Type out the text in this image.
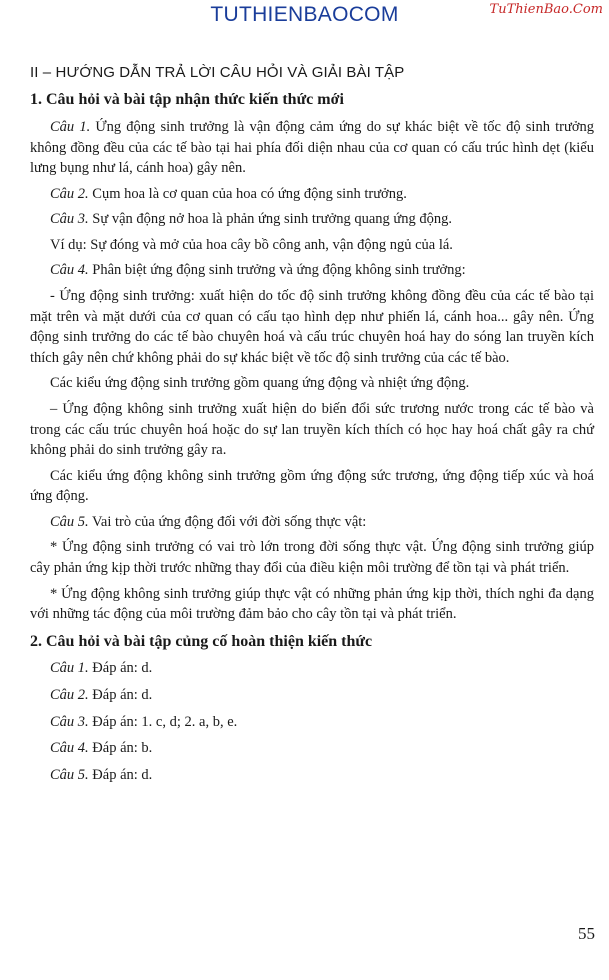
TUTHIENBAOCOM	TuThienBao.Com
II – HƯỚNG DẪN TRẢ LỜI CÂU HỎI VÀ GIẢI BÀI TẬP
1. Câu hỏi và bài tập nhận thức kiến thức mới

Câu 1. Ứng động sinh trưởng là vận động cảm ứng do sự khác biệt về tốc độ sinh trưởng không đồng đều của các tế bào tại hai phía đối diện nhau của cơ quan có cấu trúc hình dẹt (kiểu lưng bụng như lá, cánh hoa) gây nên.

Câu 2. Cụm hoa là cơ quan của hoa có ứng động sinh trưởng.

Câu 3. Sự vận động nở hoa là phản ứng sinh trưởng quang ứng động.

Ví dụ: Sự đóng và mở của hoa cây bồ công anh, vận động ngủ của lá.

Câu 4. Phân biệt ứng động sinh trưởng và ứng động không sinh trưởng:

- Ứng động sinh trưởng: xuất hiện do tốc độ sinh trưởng không đồng đều của các tế bào tại mặt trên và mặt dưới của cơ quan có cấu tạo hình dẹp như phiến lá, cánh hoa... gây nên. Ứng động sinh trưởng do các tế bào chuyên hoá và cấu trúc chuyên hoá hay do sóng lan truyền kích thích gây nên chứ không phải do sự khác biệt về tốc độ sinh trưởng của các tế bào.

Các kiểu ứng động sinh trưởng gồm quang ứng động và nhiệt ứng động.

– Ứng động không sinh trưởng xuất hiện do biến đổi sức trương nước trong các tế bào và trong các cấu trúc chuyên hoá hoặc do sự lan truyền kích thích có học hay hoá chất gây ra chứ không phải do sinh trưởng gây ra.

Các kiểu ứng động không sinh trưởng gồm ứng động sức trương, ứng động tiếp xúc và hoá ứng động.

Câu 5. Vai trò của ứng động đối với đời sống thực vật:

* Ứng động sinh trưởng có vai trò lớn trong đời sống thực vật. Ứng động sinh trưởng giúp cây phản ứng kịp thời trước những thay đổi của điều kiện môi trường để tồn tại và phát triển.

* Ứng động không sinh trưởng giúp thực vật có những phản ứng kịp thời, thích nghi đa dạng với những tác động của môi trường đảm bảo cho cây tồn tại và phát triển.

2. Câu hỏi và bài tập củng cố hoàn thiện kiến thức

Câu 1. Đáp án: d.

Câu 2. Đáp án: d.

Câu 3. Đáp án: 1. c, d; 2. a, b, e.

Câu 4. Đáp án: b.

Câu 5. Đáp án: d.

55
